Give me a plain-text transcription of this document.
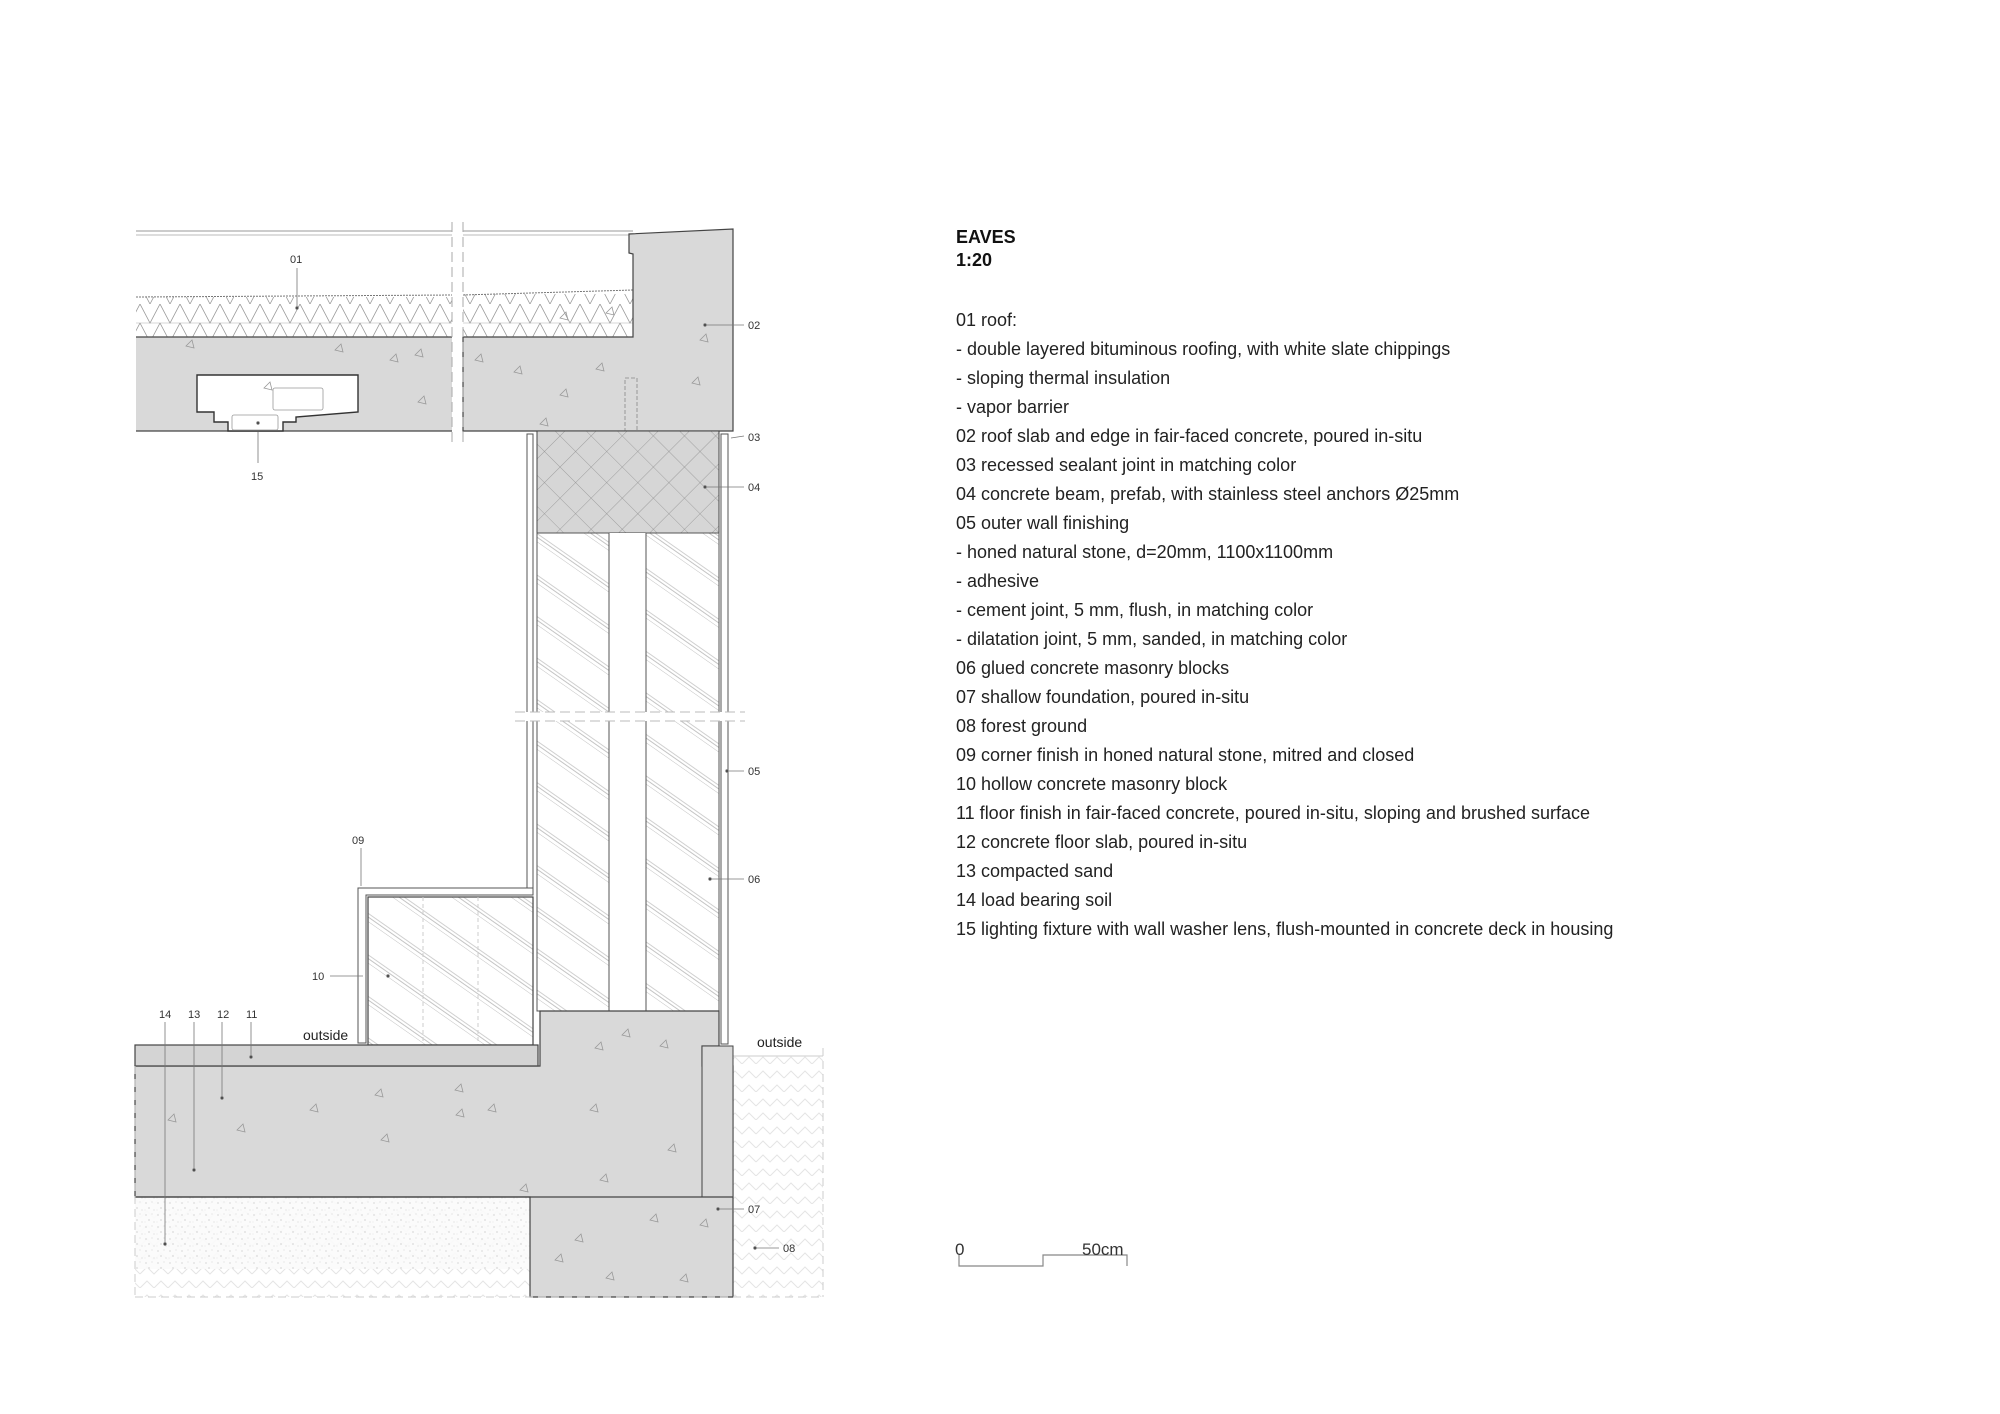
01
02
03
04
05
06
07
08
09
10
11
12
13
14
15
outside	outside
0	50cm
EAVES
1:20
01 roof:
- double layered bituminous roofing, with white slate chippings
- sloping thermal insulation
- vapor barrier
02 roof slab and edge in fair-faced concrete, poured in-situ
03 recessed sealant joint in matching color
04 concrete beam, prefab, with stainless steel anchors Ø25mm
05 outer wall finishing
- honed natural stone, d=20mm, 1100x1100mm
- adhesive
- cement joint, 5 mm, flush, in matching color
- dilatation joint, 5 mm, sanded, in matching color
06 glued concrete masonry blocks
07 shallow foundation, poured in-situ
08 forest ground
09 corner finish in honed natural stone, mitred and closed
10 hollow concrete masonry block
11 floor finish in fair-faced concrete, poured in-situ, sloping and brushed surface
12 concrete floor slab, poured in-situ
13 compacted sand
14 load bearing soil
15 lighting fixture with wall washer lens, flush-mounted in concrete deck in housing
